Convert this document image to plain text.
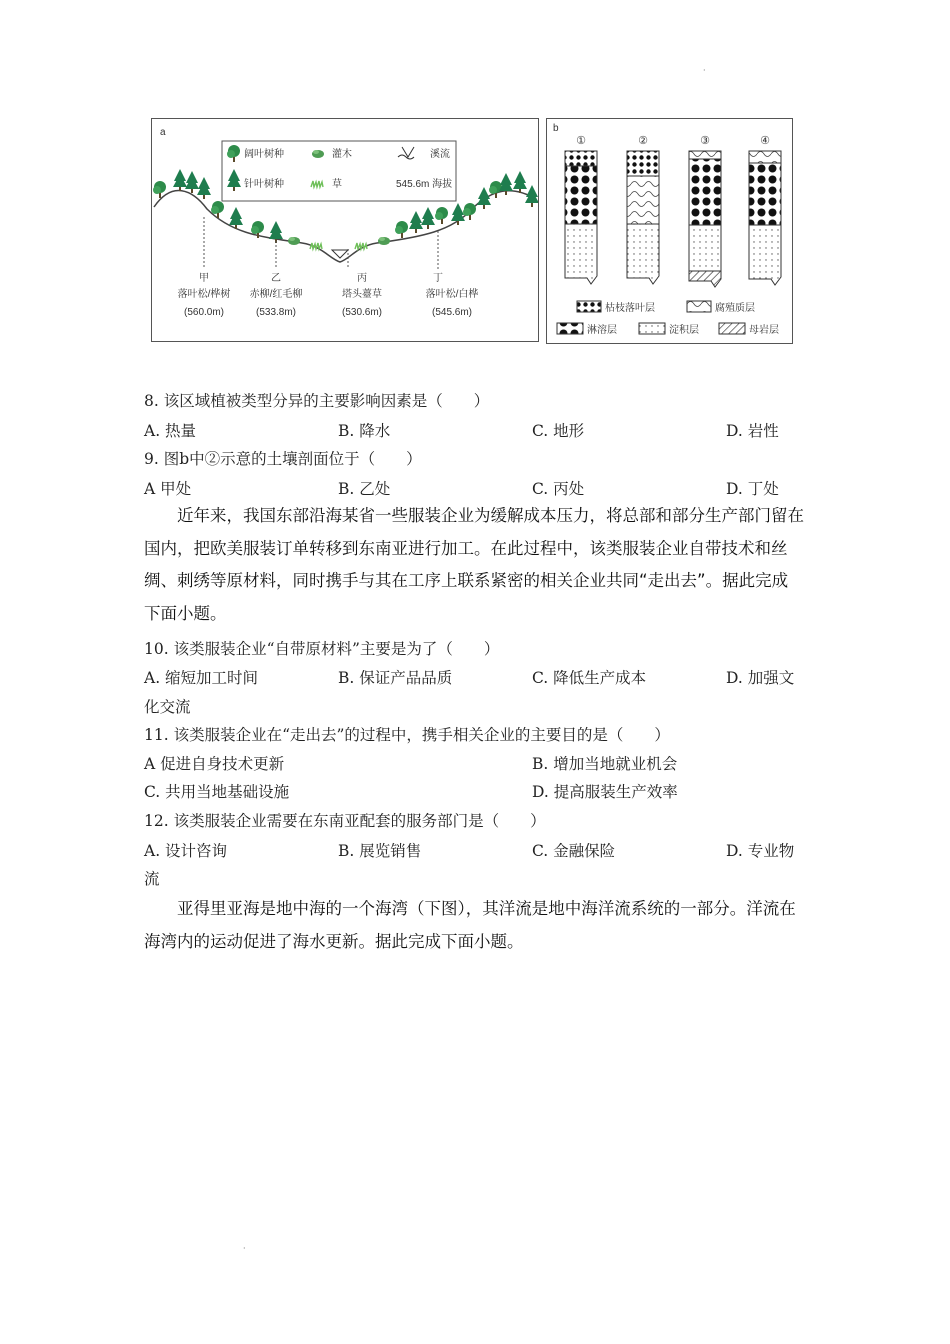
·
a
阔叶树种	灌木	溪流
针叶树种	草	545.6m 海拔
甲
落叶松/桦树
(560.0m)
乙
赤柳/红毛柳
(533.8m)
丙
塔头薹草
(530.6m)
丁
落叶松/白桦
(545.6m)
b
①	②	③	④
枯枝落叶层	腐殖质层
淋溶层	淀积层	母岩层
8. 该区域植被类型分异的主要影响因素是（　　）
A. 热量	B. 降水	C. 地形	D. 岩性
9. 图b中②示意的土壤剖面位于（　　）
A 甲处	B. 乙处	C. 丙处	D. 丁处
近年来，我国东部沿海某省一些服装企业为缓解成本压力，将总部和部分生产部门留在国内，把欧美服装订单转移到东南亚进行加工。在此过程中，该类服装企业自带技术和丝绸、刺绣等原材料，同时携手与其在工序上联系紧密的相关企业共同“走出去”。据此完成下面小题。
10. 该类服装企业“自带原材料”主要是为了（　　）
A. 缩短加工时间	B. 保证产品品质	C. 降低生产成本	D. 加强文
化交流
11. 该类服装企业在“走出去”的过程中，携手相关企业的主要目的是（　　）
A 促进自身技术更新	B. 增加当地就业机会
C. 共用当地基础设施	D. 提高服装生产效率
12. 该类服装企业需要在东南亚配套的服务部门是（　　）
A. 设计咨询	B. 展览销售	C. 金融保险	D. 专业物
流
亚得里亚海是地中海的一个海湾（下图），其洋流是地中海洋流系统的一部分。洋流在海湾内的运动促进了海水更新。据此完成下面小题。
·
